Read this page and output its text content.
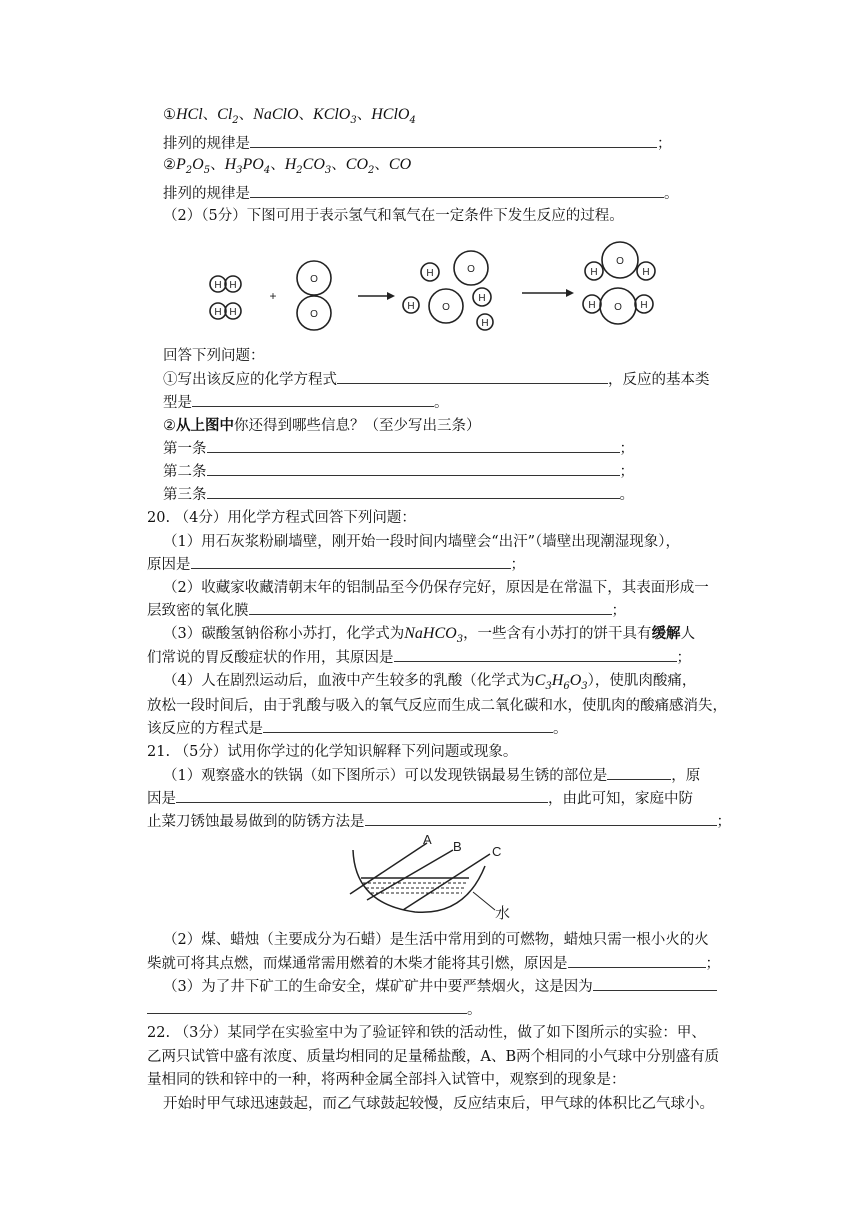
①HCl、$Cl_2$、NaClO、KClO$_3$、HClO$_4$
排列的规律是	；
$②P_2O_5$、$H_3PO_4$、$H_2CO_3$、$CO_2$、CO
排列的规律是	。
（2）（5分）下图可用于表示氢气和氧气在一定条件下发生反应的过程。
H H
H H
+
O
O
H	O
H	O
H
H
O
H	H
O
H	H
回答下列问题：
①写出该反应的化学方程式	，反应的基本类
型是	。
②从上图中你还得到哪些信息？（至少写出三条）
第一条	；
第二条	；
第三条	。
20. （4分）用化学方程式回答下列问题：
（1）用石灰浆粉刷墙壁，刚开始一段时间内墙壁会“出汗”（墙壁出现潮湿现象），
原因是	；
（2）收藏家收藏清朝末年的铝制品至今仍保存完好，原因是在常温下，其表面形成一
层致密的氧化膜	；
（3）碳酸氢钠俗称小苏打，化学式为NaHCO$_3$，一些含有小苏打的饼干具有缓解人
们常说的胃反酸症状的作用，其原因是	；
（4）人在剧烈运动后，血液中产生较多的乳酸（化学式为$C_3H_6O_3$），使肌肉酸痛，
放松一段时间后，由于乳酸与吸入的氧气反应而生成二氧化碳和水，使肌肉的酸痛感消失，
该反应的方程式是	。
21. （5分）试用你学过的化学知识解释下列问题或现象。
（1）观察盛水的铁锅（如下图所示）可以发现铁锅最易生锈的部位是	，原
因是	，由此可知，家庭中防
止菜刀锈蚀最易做到的防锈方法是	；
A B C
水
（2）煤、蜡烛（主要成分为石蜡）是生活中常用到的可燃物，蜡烛只需一根小火的火
柴就可将其点燃，而煤通常需用燃着的木柴才能将其引燃，原因是	；
（3）为了井下矿工的生命安全，煤矿矿井中要严禁烟火，这是因为
。
22. （3分）某同学在实验室中为了验证锌和铁的活动性，做了如下图所示的实验：甲、
乙两只试管中盛有浓度、质量均相同的足量稀盐酸，A、B两个相同的小气球中分别盛有质
量相同的铁和锌中的一种，将两种金属全部抖入试管中，观察到的现象是：
开始时甲气球迅速鼓起，而乙气球鼓起较慢，反应结束后，甲气球的体积比乙气球小。
